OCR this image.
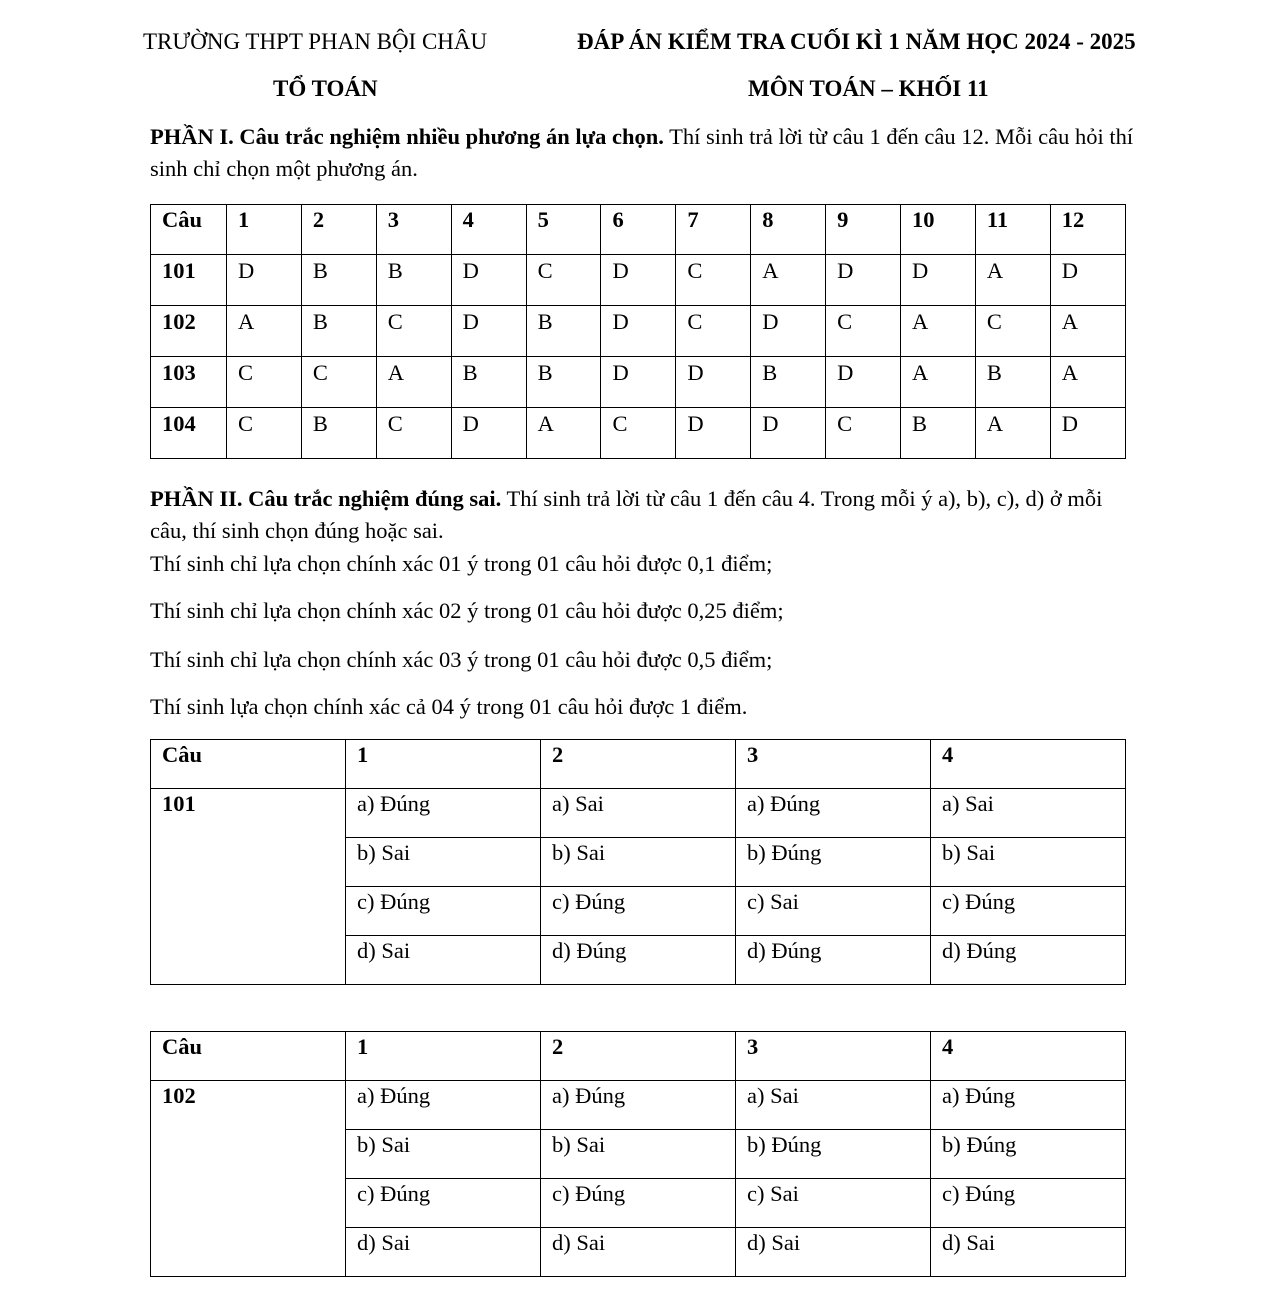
TRƯỜNG THPT PHAN BỘI CHÂU	ĐÁP ÁN KIỂM TRA CUỐI KÌ 1 NĂM HỌC 2024 - 2025
TỔ TOÁN	MÔN TOÁN – KHỐI 11
PHẦN I. Câu trắc nghiệm nhiều phương án lựa chọn. Thí sinh trả lời từ câu 1 đến câu 12. Mỗi câu hỏi thí sinh chỉ chọn một phương án.
Câu	1	2	3	4	5	6	7	8	9	10	11	12
101	D	B	B	D	C	D	C	A	D	D	A	D
102	A	B	C	D	B	D	C	D	C	A	C	A
103	C	C	A	B	B	D	D	B	D	A	B	A
104	C	B	C	D	A	C	D	D	C	B	A	D
PHẦN II. Câu trắc nghiệm đúng sai. Thí sinh trả lời từ câu 1 đến câu 4. Trong mỗi ý a), b), c), d) ở mỗi câu, thí sinh chọn đúng hoặc sai.
Thí sinh chỉ lựa chọn chính xác 01 ý trong 01 câu hỏi được 0,1 điểm;
Thí sinh chỉ lựa chọn chính xác 02 ý trong 01 câu hỏi được 0,25 điểm;
Thí sinh chỉ lựa chọn chính xác 03 ý trong 01 câu hỏi được 0,5 điểm;
Thí sinh lựa chọn chính xác cả 04 ý trong 01 câu hỏi được 1 điểm.
Câu	1	2	3	4
101	a) Đúng	a) Sai	a) Đúng	a) Sai
	b) Sai	b) Sai	b) Đúng	b) Sai
	c) Đúng	c) Đúng	c) Sai	c) Đúng
	d) Sai	d) Đúng	d) Đúng	d) Đúng
Câu	1	2	3	4
102	a) Đúng	a) Đúng	a) Sai	a) Đúng
	b) Sai	b) Sai	b) Đúng	b) Đúng
	c) Đúng	c) Đúng	c) Sai	c) Đúng
	d) Sai	d) Sai	d) Sai	d) Sai
